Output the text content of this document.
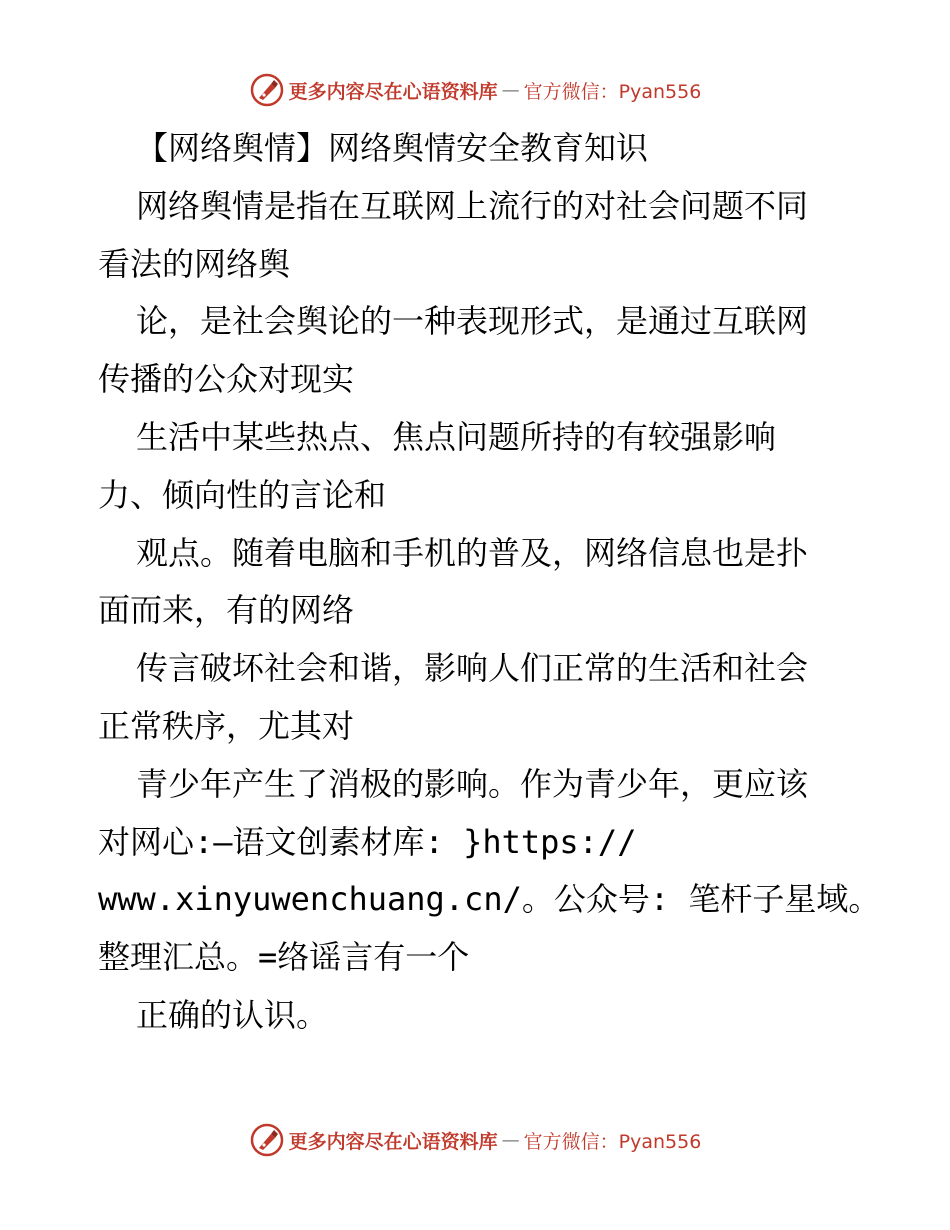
更多内容尽在心语资料库 — 官方微信：Pyan556
【网络舆情】网络舆情安全教育知识
网络舆情是指在互联网上流行的对社会问题不同
看法的网络舆
论，是社会舆论的一种表现形式，是通过互联网
传播的公众对现实
生活中某些热点、焦点问题所持的有较强影响
力、倾向性的言论和
观点。随着电脑和手机的普及，网络信息也是扑
面而来，有的网络
传言破坏社会和谐，影响人们正常的生活和社会
正常秩序，尤其对
青少年产生了消极的影响。作为青少年，更应该
对网心:—语文创素材库: }https://
www.xinyuwenchuang.cn/。公众号: 笔杆子星域。
整理汇总。=络谣言有一个
正确的认识。
更多内容尽在心语资料库 — 官方微信：Pyan556
